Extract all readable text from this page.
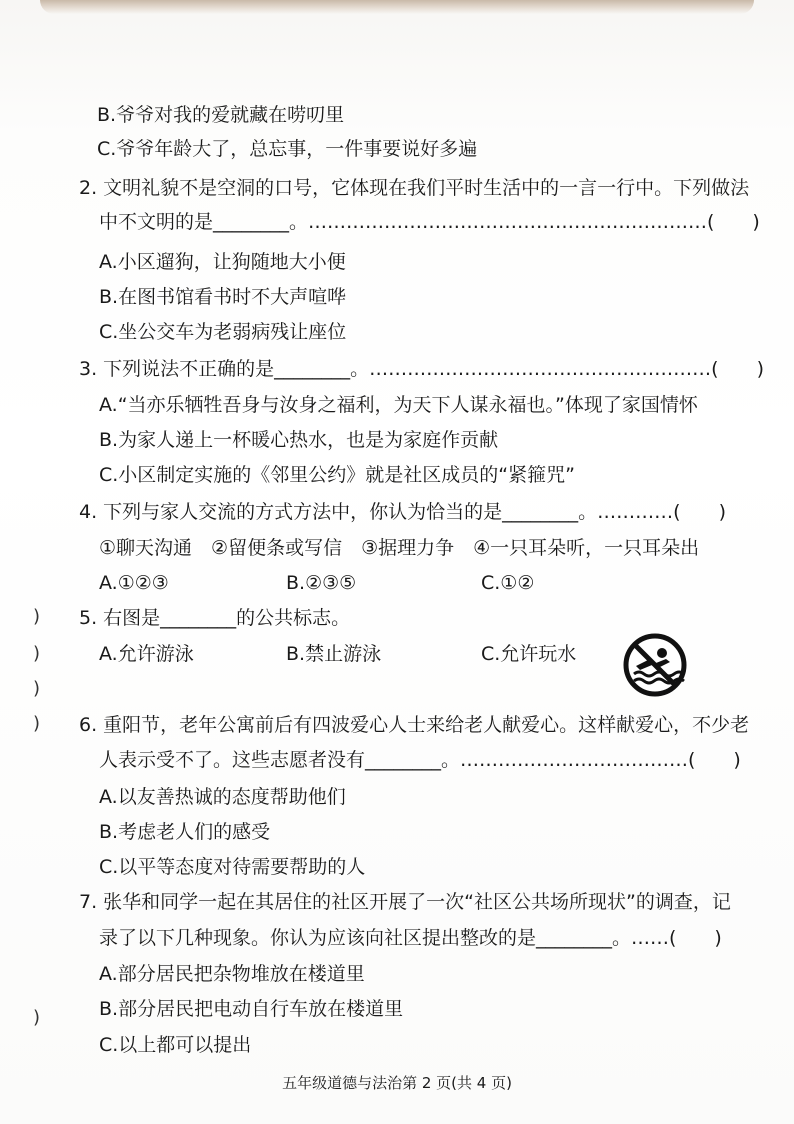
B.爷爷对我的爱就藏在唠叨里
C.爷爷年龄大了，总忘事，一件事要说好多遍
2. 文明礼貌不是空洞的口号，它体现在我们平时生活中的一言一行中。下列做法
中不文明的是________。………………………………………………………(　　)
A.小区遛狗，让狗随地大小便
B.在图书馆看书时不大声喧哗
C.坐公交车为老弱病残让座位
3. 下列说法不正确的是________。………………………………………………(　　)
A.“当亦乐牺牲吾身与汝身之福利，为天下人谋永福也。”体现了家国情怀
B.为家人递上一杯暖心热水，也是为家庭作贡献
C.小区制定实施的《邻里公约》就是社区成员的“紧箍咒”
4. 下列与家人交流的方式方法中，你认为恰当的是________。…………(　　)
①聊天沟通　②留便条或写信　③据理力争　④一只耳朵听，一只耳朵出
A.①②③	B.②③⑤	C.①②
5. 右图是________的公共标志。
A.允许游泳	B.禁止游泳	C.允许玩水
6. 重阳节，老年公寓前后有四波爱心人士来给老人献爱心。这样献爱心，不少老
人表示受不了。这些志愿者没有________。………………………………(　　)
A.以友善热诚的态度帮助他们
B.考虑老人们的感受
C.以平等态度对待需要帮助的人
7. 张华和同学一起在其居住的社区开展了一次“社区公共场所现状”的调查，记
录了以下几种现象。你认为应该向社区提出整改的是________。……(　　)
A.部分居民把杂物堆放在楼道里
B.部分居民把电动自行车放在楼道里
C.以上都可以提出
)
)
)
)
)
五年级道德与法治第 2 页(共 4 页)
